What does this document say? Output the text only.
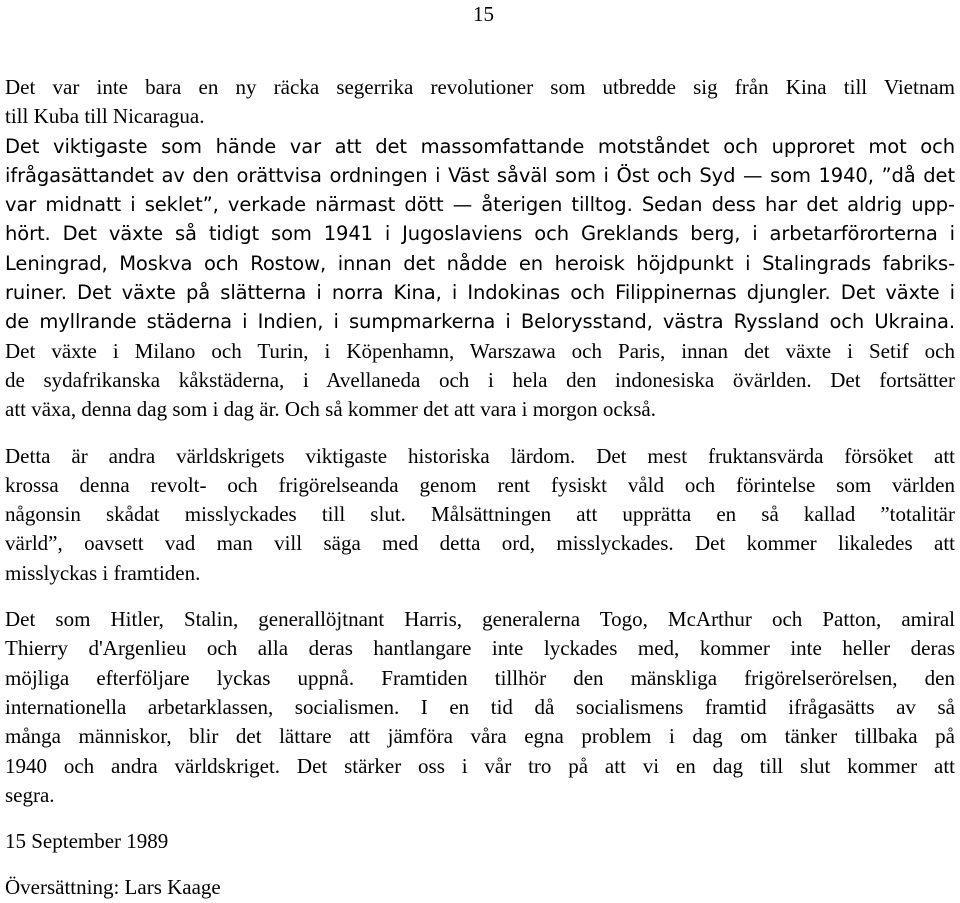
15

Det var inte bara en ny räcka segerrika revolutioner som utbredde sig från Kina till Vietnam
till Kuba till Nicaragua.

Det viktigaste som hände var att det massomfattande motståndet och upproret mot och
ifrågasättandet av den orättvisa ordningen i Väst såväl som i Öst och Syd — som 1940, ”då det
var midnatt i seklet”, verkade närmast dött — återigen tilltog. Sedan dess har det aldrig upp-
hört. Det växte så tidigt som 1941 i Jugoslaviens och Greklands berg, i arbetarförorterna i
Leningrad, Moskva och Rostow, innan det nådde en heroisk höjdpunkt i Stalingrads fabriks-
ruiner. Det växte på slätterna i norra Kina, i Indokinas och Filippinernas djungler. Det växte i
de myllrande städerna i Indien, i sumpmarkerna i Belorysstand, västra Ryssland och Ukraina.
Det växte i Milano och Turin, i Köpenhamn, Warszawa och Paris, innan det växte i Setif och
de sydafrikanska kåkstäderna, i Avellaneda och i hela den indonesiska övärlden. Det fortsätter
att växa, denna dag som i dag är. Och så kommer det att vara i morgon också.

Detta är andra världskrigets viktigaste historiska lärdom. Det mest fruktansvärda försöket att
krossa denna revolt- och frigörelseanda genom rent fysiskt våld och förintelse som världen
någonsin skådat misslyckades till slut. Målsättningen att upprätta en så kallad ”totalitär
värld”, oavsett vad man vill säga med detta ord, misslyckades. Det kommer likaledes att
misslyckas i framtiden.

Det som Hitler, Stalin, generallöjtnant Harris, generalerna Togo, McArthur och Patton, amiral
Thierry d'Argenlieu och alla deras hantlangare inte lyckades med, kommer inte heller deras
möjliga efterföljare lyckas uppnå. Framtiden tillhör den mänskliga frigörelserörelsen, den
internationella arbetarklassen, socialismen. I en tid då socialismens framtid ifrågasätts av så
många människor, blir det lättare att jämföra våra egna problem i dag om tänker tillbaka på
1940 och andra världskriget. Det stärker oss i vår tro på att vi en dag till slut kommer att
segra.

15 September 1989

Översättning: Lars Kaage
